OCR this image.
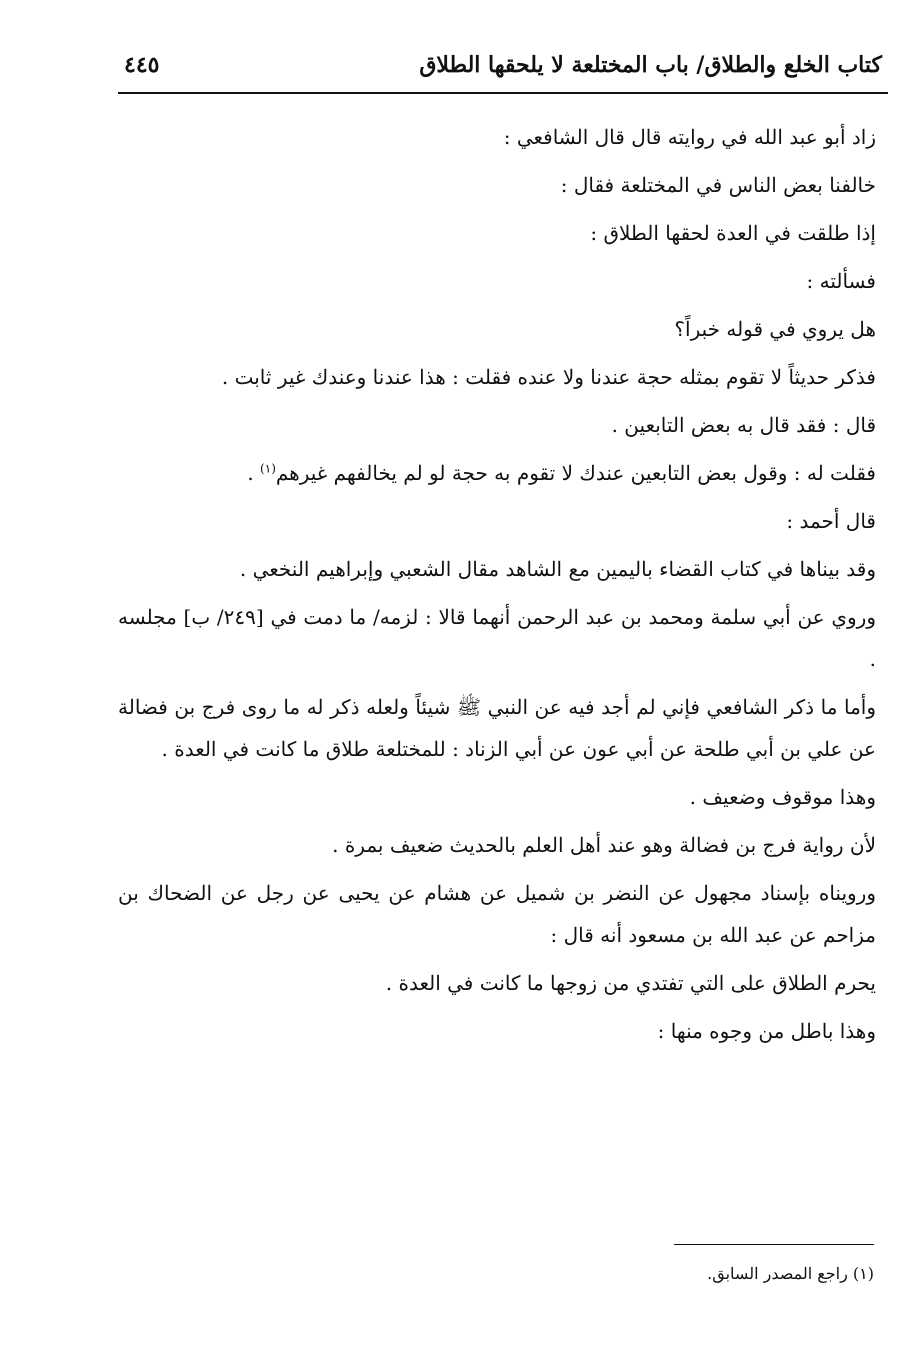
كتاب الخلع والطلاق/ باب المختلعة لا يلحقها الطلاق
٤٤٥

زاد أبو عبد الله في روايته قال قال الشافعي :

خالفنا بعض الناس في المختلعة فقال :

إذا طلقت في العدة لحقها الطلاق :

فسألته :

هل يروي في قوله خبراً؟

فذكر حديثاً لا تقوم بمثله حجة عندنا ولا عنده فقلت : هذا عندنا وعندك غير ثابت .

قال : فقد قال به بعض التابعين .

فقلت له : وقول بعض التابعين عندك لا تقوم به حجة لو لم يخالفهم غيرهم$^{(١)}$ .

قال أحمد :

وقد بيناها في كتاب القضاء باليمين مع الشاهد مقال الشعبي وإبراهيم النخعي .

وروي عن أبي سلمة ومحمد بن عبد الرحمن أنهما قالا : لزمه/ ما دمت في [٢٤٩/ ب] مجلسه .

وأما ما ذكر الشافعي فإني لم أجد فيه عن النبي ﷺ شيئاً ولعله ذكر له ما روى فرج بن فضالة عن علي بن أبي طلحة عن أبي عون عن أبي الزناد : للمختلعة طلاق ما كانت في العدة .

وهذا موقوف وضعيف .

لأن رواية فرج بن فضالة وهو عند أهل العلم بالحديث ضعيف بمرة .

ورويناه بإسناد مجهول عن النضر بن شميل عن هشام عن يحيى عن رجل عن الضحاك بن مزاحم عن عبد الله بن مسعود أنه قال :

يحرم الطلاق على التي تفتدي من زوجها ما كانت في العدة .

وهذا باطل من وجوه منها :

(١) راجع المصدر السابق.
